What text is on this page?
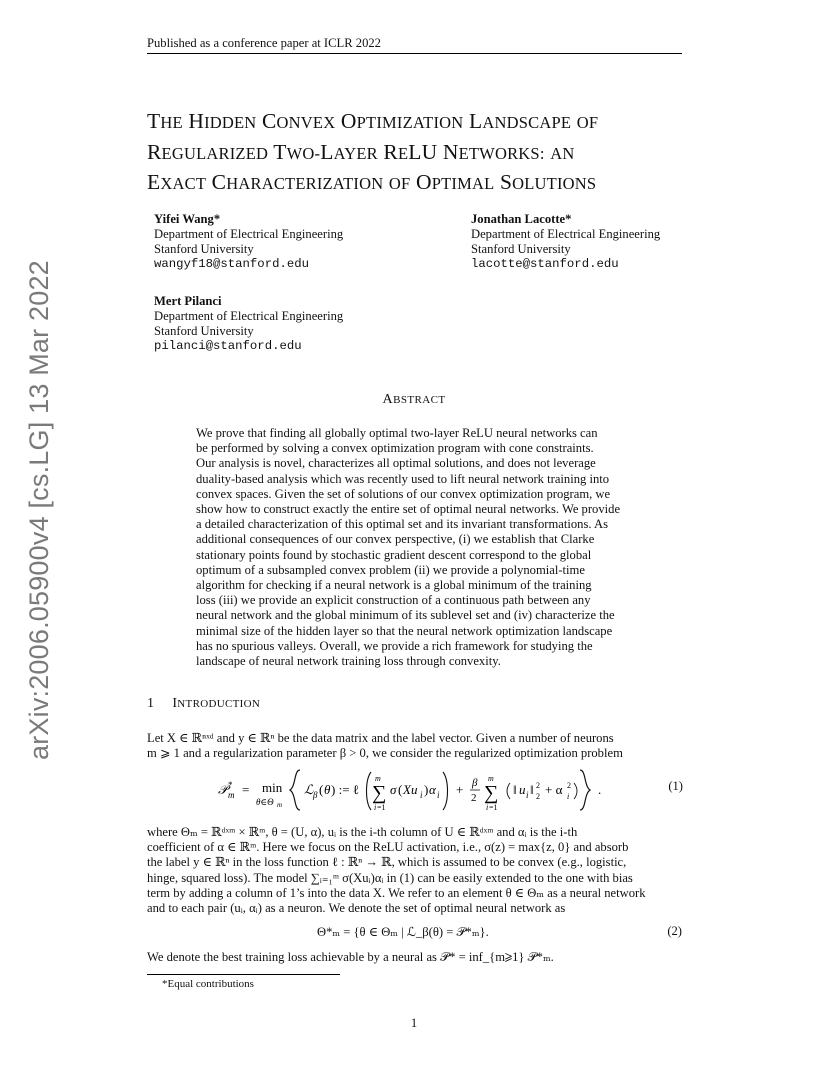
Published as a conference paper at ICLR 2022
arXiv:2006.05900v4 [cs.LG] 13 Mar 2022
THE HIDDEN CONVEX OPTIMIZATION LANDSCAPE OF
REGULARIZED TWO-LAYER RELU NETWORKS: AN
EXACT CHARACTERIZATION OF OPTIMAL SOLUTIONS
Yifei Wang*
Department of Electrical Engineering
Stanford University
wangyf18@stanford.edu
Jonathan Lacotte*
Department of Electrical Engineering
Stanford University
lacotte@stanford.edu
Mert Pilanci
Department of Electrical Engineering
Stanford University
pilanci@stanford.edu
ABSTRACT
We prove that finding all globally optimal two-layer ReLU neural networks can
be performed by solving a convex optimization program with cone constraints.
Our analysis is novel, characterizes all optimal solutions, and does not leverage
duality-based analysis which was recently used to lift neural network training into
convex spaces. Given the set of solutions of our convex optimization program, we
show how to construct exactly the entire set of optimal neural networks. We provide
a detailed characterization of this optimal set and its invariant transformations. As
additional consequences of our convex perspective, (i) we establish that Clarke
stationary points found by stochastic gradient descent correspond to the global
optimum of a subsampled convex problem (ii) we provide a polynomial-time
algorithm for checking if a neural network is a global minimum of the training
loss (iii) we provide an explicit construction of a continuous path between any
neural network and the global minimum of its sublevel set and (iv) characterize the
minimal size of the hidden layer so that the neural network optimization landscape
has no spurious valleys. Overall, we provide a rich framework for studying the
landscape of neural network training loss through convexity.
1 INTRODUCTION
Let X ∈ ℝⁿˣᵈ and y ∈ ℝⁿ be the data matrix and the label vector. Given a number of neurons
m ⩾ 1 and a regularization parameter β > 0, we consider the regularized optimization problem
𝒫 *
m = min
θ∈Θ m
ℒ β ( θ ) := ℓ
m
∑
i =1
σ ( Xu i ) α i + β
2
m
∑
i =1
‖ u i ‖ 2
2 + α 2
i .	(1)
where Θₘ = ℝᵈˣᵐ × ℝᵐ, θ = (U, α), uᵢ is the i-th column of U ∈ ℝᵈˣᵐ and αᵢ is the i-th
coefficient of α ∈ ℝᵐ. Here we focus on the ReLU activation, i.e., σ(z) = max{z, 0} and absorb
the label y ∈ ℝⁿ in the loss function ℓ : ℝⁿ → ℝ, which is assumed to be convex (e.g., logistic,
hinge, squared loss). The model ∑ᵢ₌₁ᵐ σ(Xuᵢ)αᵢ in (1) can be easily extended to the one with bias
term by adding a column of 1’s into the data X. We refer to an element θ ∈ Θₘ as a neural network
and to each pair (uᵢ, αᵢ) as a neuron. We denote the set of optimal neural network as
Θ*ₘ = {θ ∈ Θₘ | ℒ_β(θ) = 𝒫*ₘ}.	(2)
We denote the best training loss achievable by a neural as 𝒫* = inf_{m⩾1} 𝒫*ₘ.
*Equal contributions
1
